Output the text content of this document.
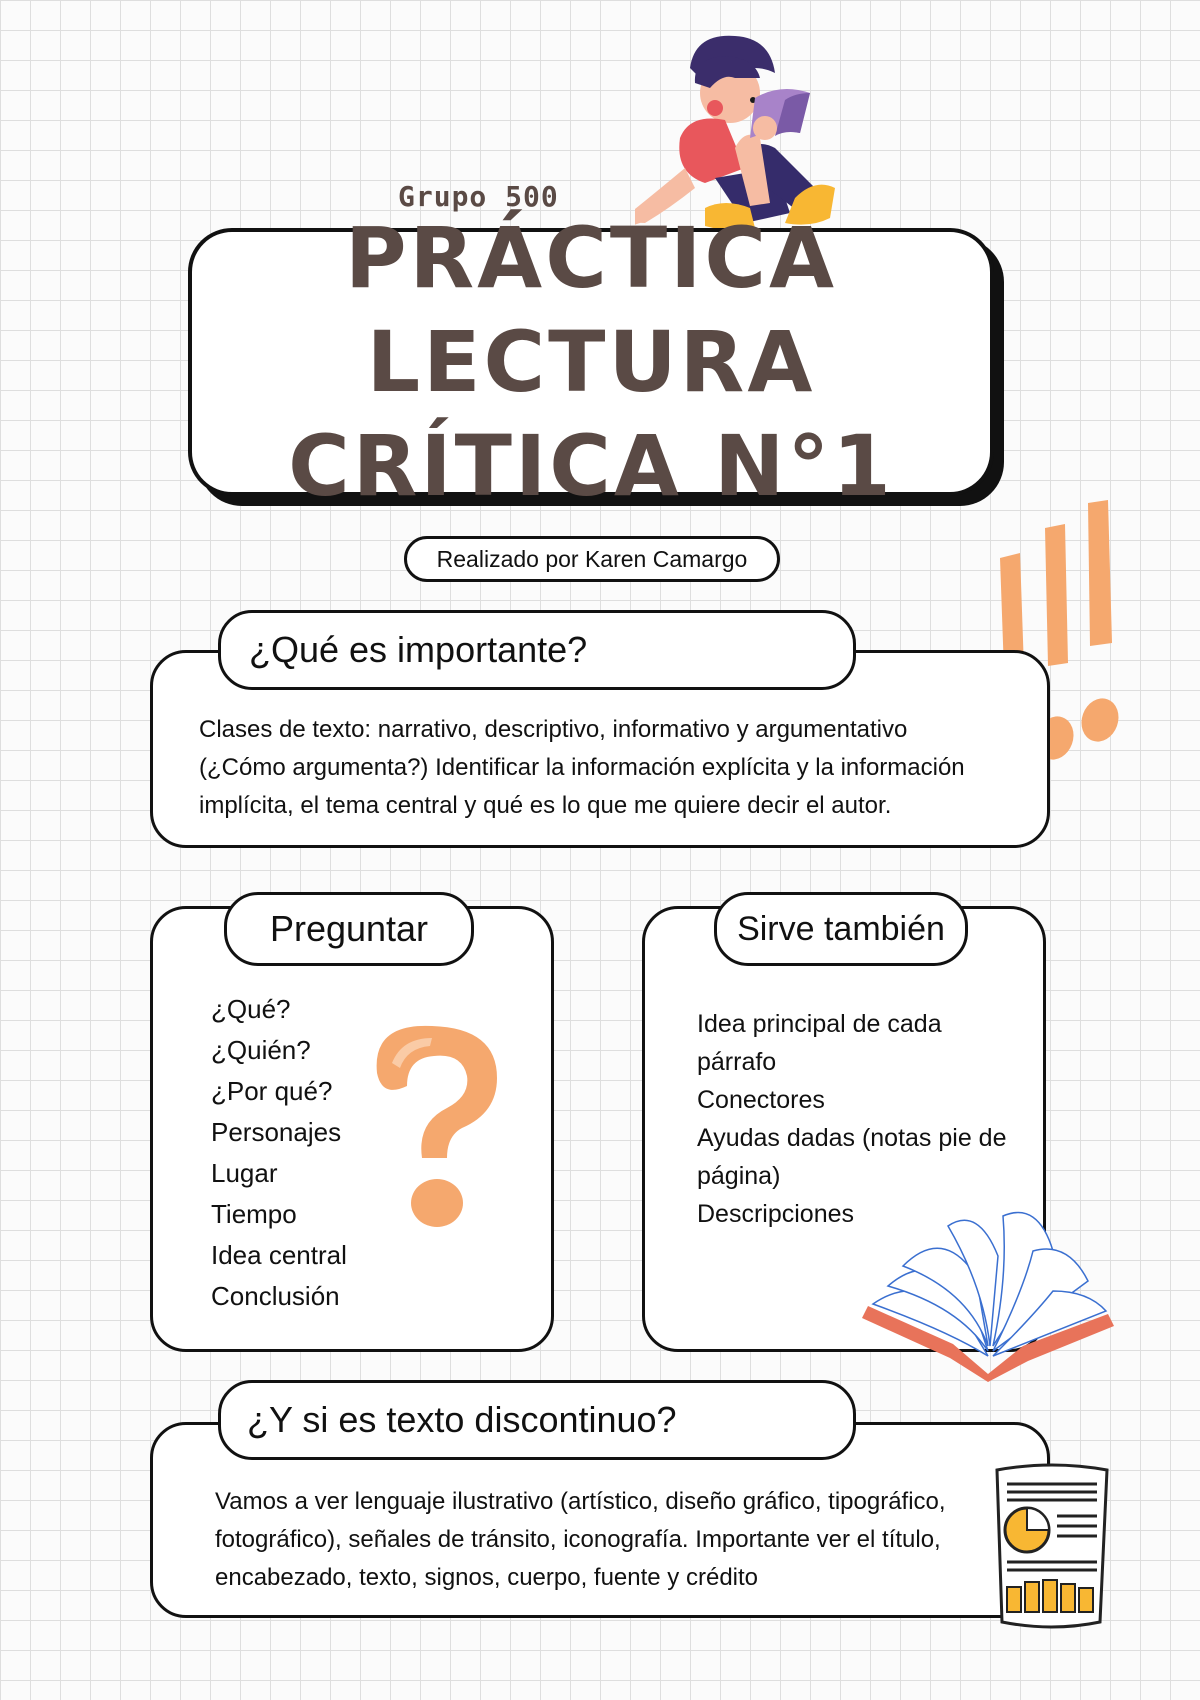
Grupo 500
PRÁCTICA LECTURA
CRÍTICA N°1
Realizado por Karen Camargo
Clases de texto: narrativo, descriptivo, informativo y argumentativo (¿Cómo argumenta?) Identificar la información explícita y la información implícita, el tema central y qué es lo que me quiere decir el autor.
¿Qué es importante?
¿Qué?
¿Quién?
¿Por qué?
Personajes
Lugar
Tiempo
Idea central
Conclusión
Preguntar
Idea principal de cada
párrafo
Conectores
Ayudas dadas (notas pie de
página)
Descripciones
Sirve también
Vamos a ver lenguaje ilustrativo (artístico, diseño gráfico, tipográfico, fotográfico), señales de tránsito, iconografía. Importante ver el título, encabezado, texto, signos, cuerpo, fuente y crédito
¿Y si es texto discontinuo?
